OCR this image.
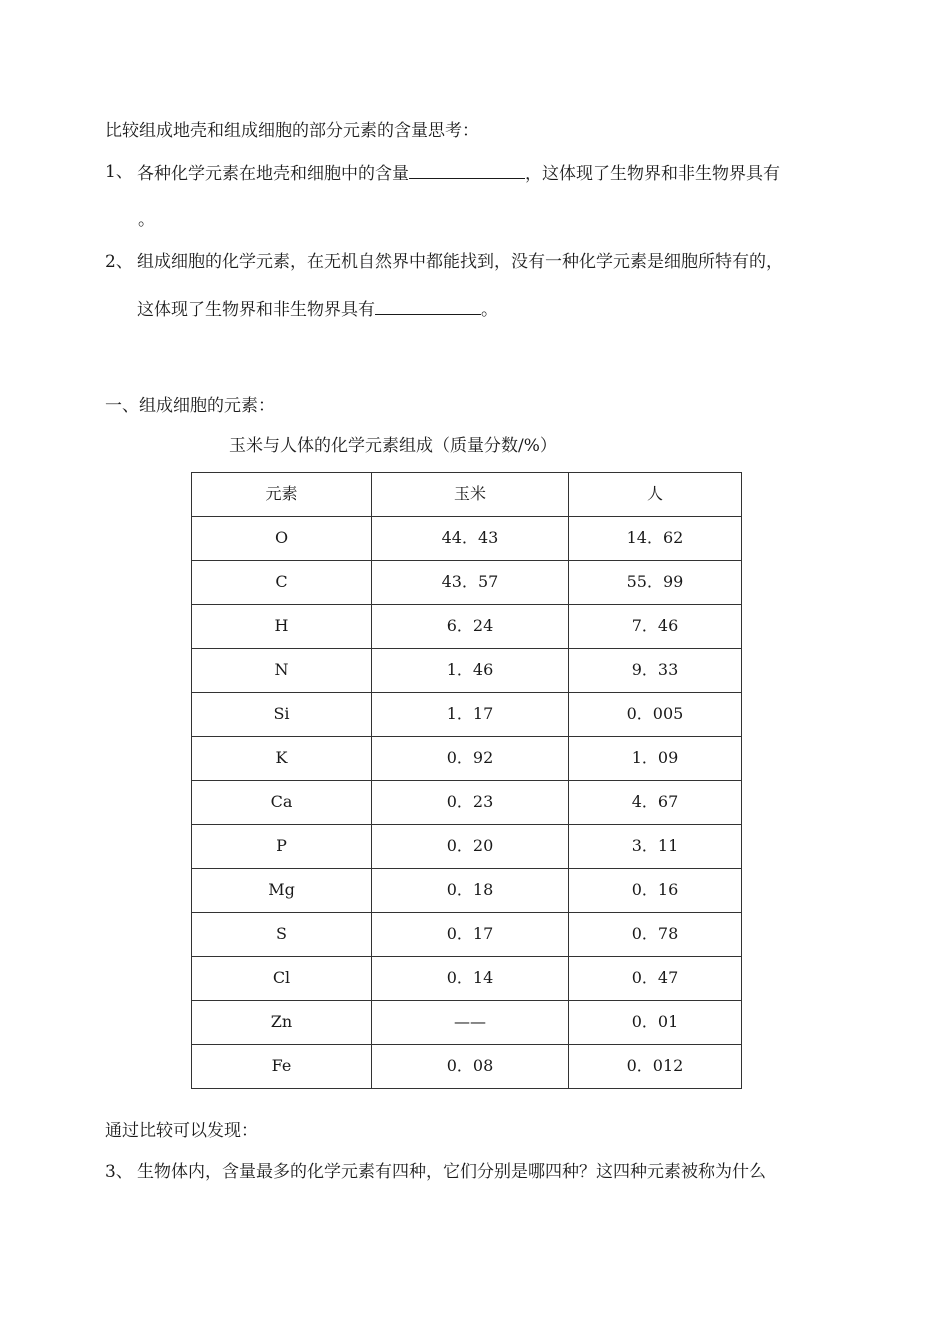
比较组成地壳和组成细胞的部分元素的含量思考：
1、 各种化学元素在地壳和细胞中的含量	，这体现了生物界和非生物界具有
。
2、 组成细胞的化学元素，在无机自然界中都能找到，没有一种化学元素是细胞所特有的，
这体现了生物界和非生物界具有	。
一、组成细胞的元素：
玉米与人体的化学元素组成（质量分数/%）
元素	玉米	人
O	44．43	14．62
C	43．57	55．99
H	6．24	7．46
N	1．46	9．33
Si	1．17	0．005
K	0．92	1．09
Ca	0．23	4．67
P	0．20	3．11
Mg	0．18	0．16
S	0．17	0．78
Cl	0．14	0．47
Zn	——	0．01
Fe	0．08	0．012
通过比较可以发现：
3、 生物体内，含量最多的化学元素有四种，它们分别是哪四种？这四种元素被称为什么
